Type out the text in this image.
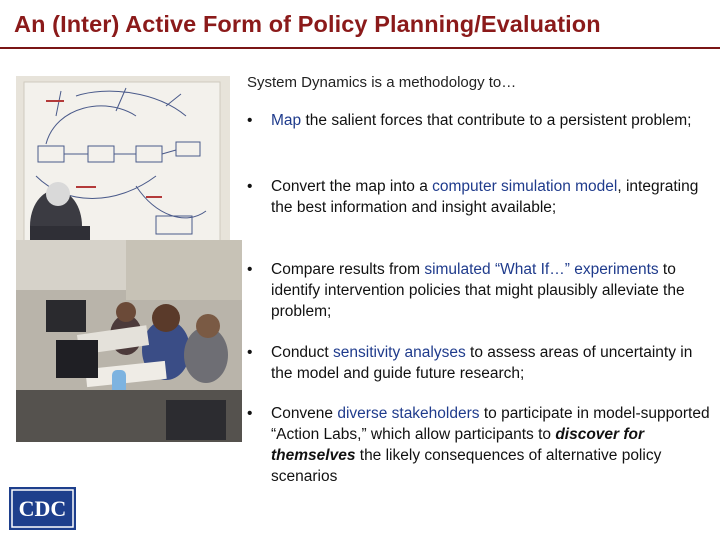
An (Inter) Active Form of Policy Planning/Evaluation
System Dynamics is a methodology to…
• Map the salient forces that contribute to a persistent problem;
• Convert the map into a computer simulation model, integrating the best information and insight available;
• Compare results from simulated “What If…” experiments to identify intervention policies that might plausibly alleviate the problem;
• Conduct sensitivity analyses to assess areas of uncertainty in the model and guide future research;
• Convene diverse stakeholders to participate in model-supported “Action Labs,” which allow participants to discover for themselves the likely consequences of alternative policy scenarios
CDC
